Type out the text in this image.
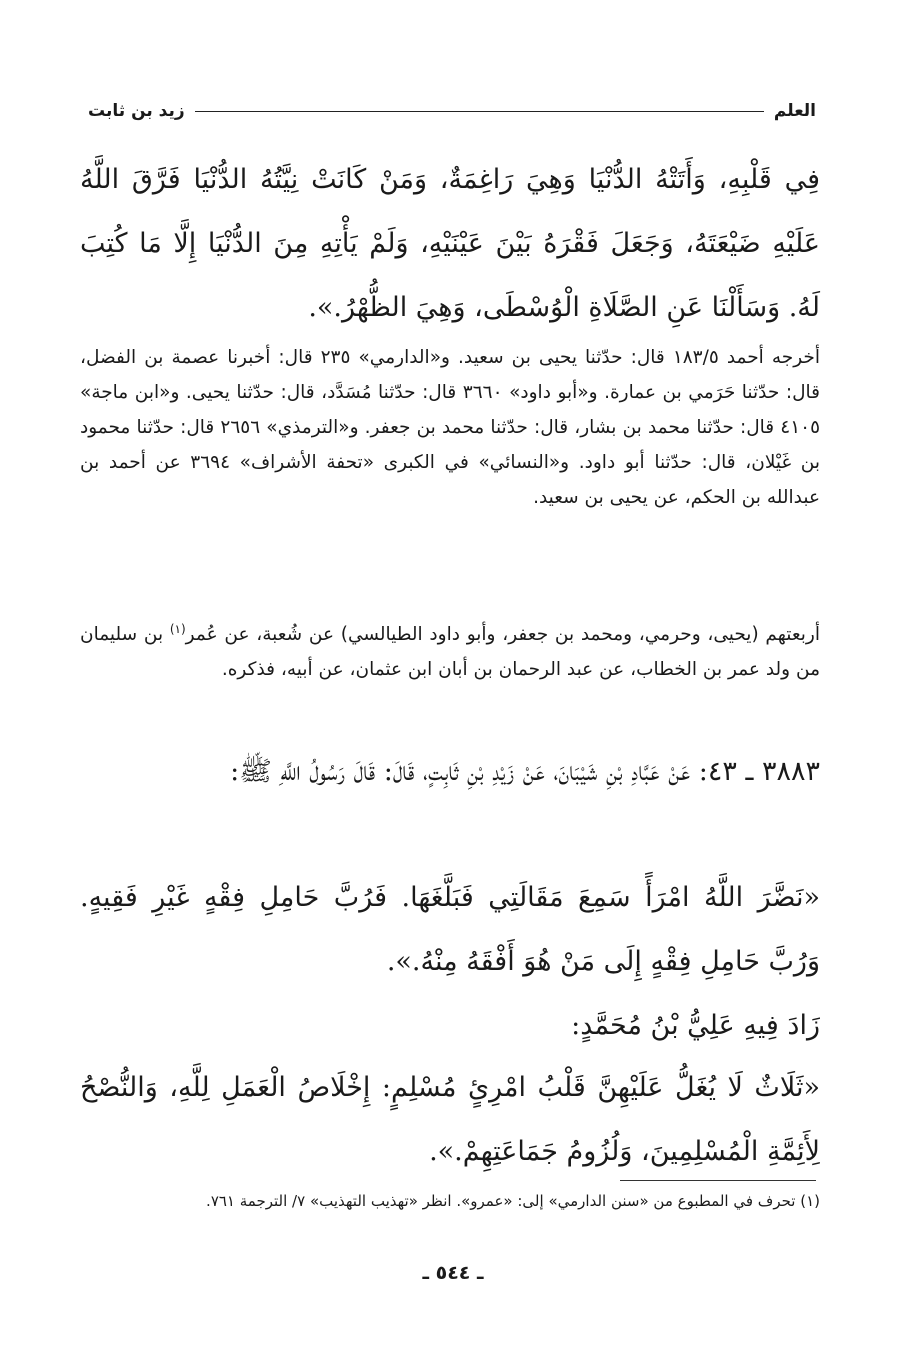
العلم
زيد بن ثابت

فِي قَلْبِهِ، وَأَتَتْهُ الدُّنْيَا وَهِيَ رَاغِمَةٌ، وَمَنْ كَانَتْ نِيَّتُهُ الدُّنْيَا فَرَّقَ اللَّهُ عَلَيْهِ ضَيْعَتَهُ، وَجَعَلَ فَقْرَهُ بَيْنَ عَيْنَيْهِ، وَلَمْ يَأْتِهِ مِنَ الدُّنْيَا إِلَّا مَا كُتِبَ لَهُ. وَسَأَلْنَا عَنِ الصَّلَاةِ الْوُسْطَى، وَهِيَ الظُّهْرُ.».

أخرجه أحمد ١٨٣/٥ قال: حدّثنا يحيى بن سعيد. و«الدارمي» ٢٣٥ قال: أخبرنا عصمة بن الفضل، قال: حدّثنا حَرَمي بن عمارة. و«أبو داود» ٣٦٦٠ قال: حدّثنا مُسَدَّد، قال: حدّثنا يحيى. و«ابن ماجة» ٤١٠٥ قال: حدّثنا محمد بن بشار، قال: حدّثنا محمد بن جعفر. و«الترمذي» ٢٦٥٦ قال: حدّثنا محمود بن غَيْلان، قال: حدّثنا أبو داود. و«النسائي» في الكبرى «تحفة الأشراف» ٣٦٩٤ عن أحمد بن عبدالله بن الحكم، عن يحيى بن سعيد.

أربعتهم (يحيى، وحرمي، ومحمد بن جعفر، وأبو داود الطيالسي) عن شُعبة، عن عُمر$^{(١)}$ بن سليمان من ولد عمر بن الخطاب، عن عبد الرحمان بن أبان ابن عثمان، عن أبيه، فذكره.

٣٨٨٣ ـ ٤٣: عَنْ عَبَّادِ بْنِ شَيْبَانَ، عَنْ زَيْدِ بْنِ ثَابِتٍ، قَالَ: قَالَ رَسُولُ اللَّهِ ﷺ:

«نَضَّرَ اللَّهُ امْرَأً سَمِعَ مَقَالَتِي فَبَلَّغَهَا. فَرُبَّ حَامِلِ فِقْهٍ غَيْرِ فَقِيهٍ. وَرُبَّ حَامِلِ فِقْهٍ إِلَى مَنْ هُوَ أَفْقَهُ مِنْهُ.».

زَادَ فِيهِ عَلِيُّ بْنُ مُحَمَّدٍ:

«ثَلَاثٌ لَا يُغَلُّ عَلَيْهِنَّ قَلْبُ امْرِئٍ مُسْلِمٍ: إِخْلَاصُ الْعَمَلِ لِلَّهِ، وَالنُّصْحُ لِأَئِمَّةِ الْمُسْلِمِينَ، وَلُزُومُ جَمَاعَتِهِمْ.».

(١) تحرف في المطبوع من «سنن الدارمي» إلى: «عمرو». انظر «تهذيب التهذيب» ٧/ الترجمة ٧٦١.

ـ ٥٤٤ ـ
